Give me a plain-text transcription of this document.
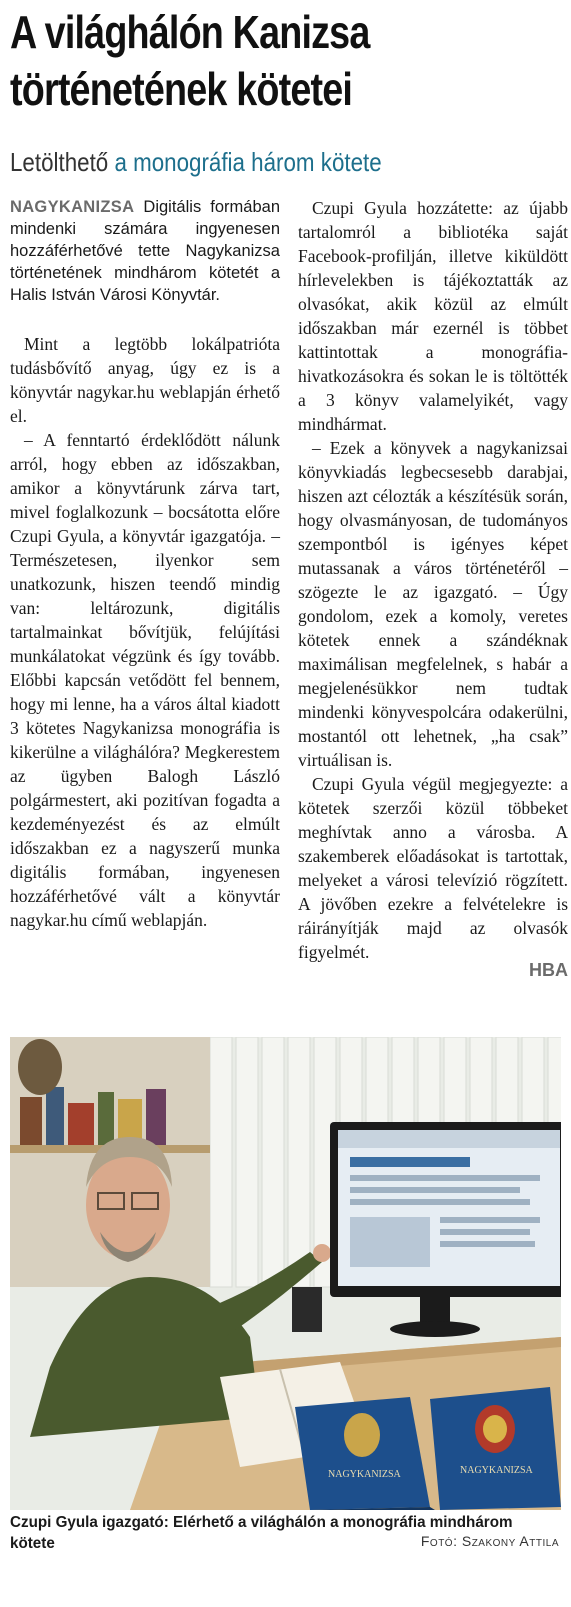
A világhálón Kanizsa
történetének kötetei
Letölthető a monográfia három kötete

NAGYKANIZSA Digitális formában mindenki számára ingyenesen hozzáférhetővé tette Nagykanizsa történetének mindhárom kötetét a Halis István Városi Könyvtár.

Mint a legtöbb lokálpatrióta tudásbővítő anyag, úgy ez is a könyvtár nagykar.hu weblapján érhető el.

– A fenntartó érdeklődött nálunk arról, hogy ebben az időszakban, amikor a könyvtárunk zárva tart, mivel foglalkozunk – bocsátotta előre Czupi Gyula, a könyvtár igazgatója. – Természetesen, ilyenkor sem unatkozunk, hiszen teendő mindig van: leltározunk, digitális tartalmainkat bővítjük, felújítási munkálatokat végzünk és így tovább. Előbbi kapcsán vetődött fel bennem, hogy mi lenne, ha a város által kiadott 3 kötetes Nagykanizsa monográfia is kikerülne a világhálóra? Megkerestem az ügyben Balogh László polgármestert, aki pozitívan fogadta a kezdeményezést és az elmúlt időszakban ez a nagyszerű munka digitális formában, ingyenesen hozzáférhetővé vált a könyvtár nagykar.hu című weblapján.

Czupi Gyula hozzátette: az újabb tartalomról a bibliotéka saját Facebook-profilján, illetve kiküldött hírlevelekben is tájékoztatták az olvasókat, akik közül az elmúlt időszakban már ezernél is többet kattintottak a monográfia-hivatkozásokra és sokan le is töltötték a 3 könyv valamelyikét, vagy mindhármat.

– Ezek a könyvek a nagykanizsai könyvkiadás legbecsesebb darabjai, hiszen azt célozták a készítésük során, hogy olvasmányosan, de tudományos szempontból is igényes képet mutassanak a város történetéről – szögezte le az igazgató. – Úgy gondolom, ezek a komoly, veretes kötetek ennek a szándéknak maximálisan megfelelnek, s habár a megjelenésükkor nem tudtak mindenki könyvespolcára odakerülni, mostantól ott lehetnek, „ha csak” virtuálisan is.

Czupi Gyula végül megjegyezte: a kötetek szerzői közül többeket meghívtak anno a városba. A szakemberek előadásokat is tartottak, melyeket a városi televízió rögzített. A jövőben ezekre a felvételekre is ráirányítják majd az olvasók figyelmét.

HBA
NAGYKANIZSA	NAGYKANIZSA
Czupi Gyula igazgató: Elérhető a világhálón a monográfia mindhárom kötete	Fotó: Szakony Attila
